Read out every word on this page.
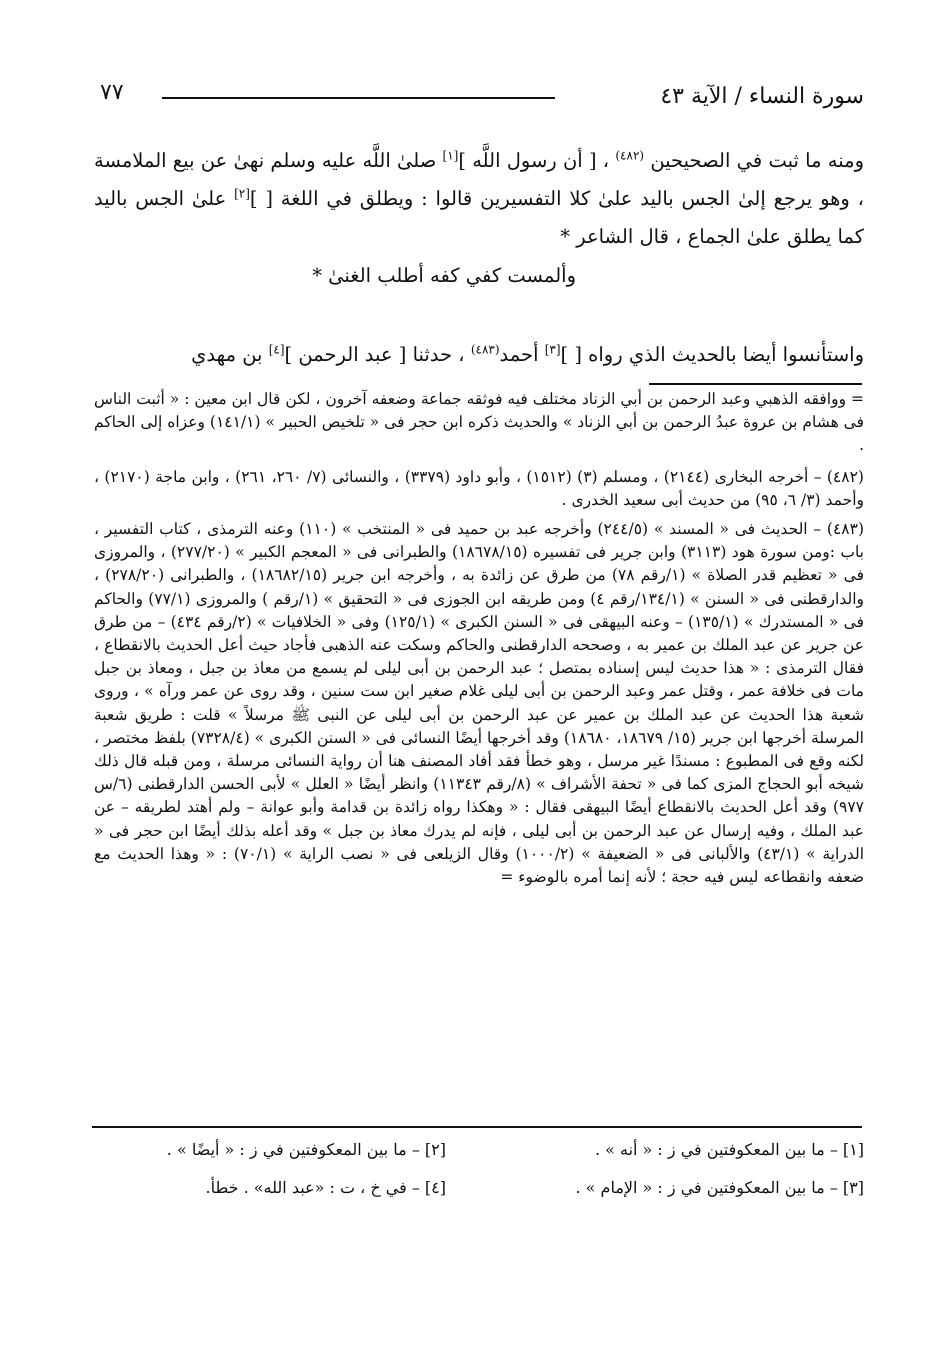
سورة النساء / الآية ٤٣
٧٧

ومنه ما ثبت في الصحيحين $^{(٤٨٢)}$ ، [ أن رسول اللَّه ][١] صلىٰ اللَّه عليه وسلم نهىٰ عن بيع الملامسة ، وهو يرجع إلىٰ الجس باليد علىٰ كلا التفسيرين قالوا : ويطلق في اللغة [ ][٢] علىٰ الجس باليد كما يطلق علىٰ الجماع ، قال الشاعر *

وألمست كفي كفه أطلب الغنىٰ *

واستأنسوا أيضا بالحديث الذي رواه [ ][٣] أحمد$^{(٤٨٣)}$ ، حدثنا [ عبد الرحمن ][٤] بن مهدي

= ووافقه الذهبي وعبد الرحمن بن أبي الزناد مختلف فيه فوثقه جماعة وضعفه آخرون ، لكن قال ابن معين : « أثبت الناس فى هشام بن عروة عبدُ الرحمن بن أبي الزناد » والحديث ذكره ابن حجر فى « تلخيص الحبير » (١٤١/١) وعزاه إلى الحاكم .

(٤٨٢) – أخرجه البخارى (٢١٤٤) ، ومسلم (٣) (١٥١٢) ، وأبو داود (٣٣٧٩) ، والنسائى (٧/ ٢٦٠، ٢٦١) ، وابن ماجة (٢١٧٠) ، وأحمد (٣/ ٦، ٩٥) من حديث أبى سعيد الخدرى .

(٤٨٣) – الحديث فى « المسند » (٢٤٤/٥) وأخرجه عبد بن حميد فى « المنتخب » (١١٠) وعنه الترمذى ، كتاب التفسير ، باب :ومن سورة هود (٣١١٣) وابن جرير فى تفسيره (١٨٦٧٨/١٥) والطبرانى فى « المعجم الكبير » (٢٧٧/٢٠) ، والمروزى فى « تعظيم قدر الصلاة » (١/رقم ٧٨) من طرق عن زائدة به ، وأخرجه ابن جرير (١٨٦٨٢/١٥) ، والطبرانى (٢٧٨/٢٠) ، والدارقطنى فى « السنن » (١٣٤/١/رقم ٤) ومن طريقه ابن الجوزى فى « التحقيق » (١/رقم ) والمروزى (٧٧/١) والحاكم فى « المستدرك » (١٣٥/١) – وعنه البيهقى فى « السنن الكبرى » (١٢٥/١) وفى « الخلافيات » (٢/رقم ٤٣٤) – من طرق عن جرير عن عبد الملك بن عمير به ، وصححه الدارقطنى والحاكم وسكت عنه الذهبى فأجاد حيث أعل الحديث بالانقطاع ، فقال الترمذى : « هذا حديث ليس إسناده بمتصل ؛ عبد الرحمن بن أبى ليلى لم يسمع من معاذ بن جبل ، ومعاذ بن جبل مات فى خلافة عمر ، وقتل عمر وعبد الرحمن بن أبى ليلى غلام صغير ابن ست سنين ، وقد روى عن عمر ورآه » ، وروى شعبة هذا الحديث عن عبد الملك بن عمير عن عبد الرحمن بن أبى ليلى عن النبى ﷺ مرسلاً » قلت : طريق شعبة المرسلة أخرجها ابن جرير (١٥/ ١٨٦٧٩، ١٨٦٨٠) وقد أخرجها أيضًا النسائى فى « السنن الكبرى » (٧٣٢٨/٤) بلفظ مختصر ، لكنه وقع فى المطبوع : مسندًا غير مرسل ، وهو خطأ فقد أفاد المصنف هنا أن رواية النسائى مرسلة ، ومن قبله قال ذلك شيخه أبو الحجاج المزى كما فى « تحفة الأشراف » (٨/رقم ١١٣٤٣) وانظر أيضًا « العلل » لأبى الحسن الدارقطنى (٦/س ٩٧٧) وقد أعل الحديث بالانقطاع أيضًا البيهقى فقال : « وهكذا رواه زائدة بن قدامة وأبو عوانة – ولم أهتد لطريقه – عن عبد الملك ، وفيه إرسال عن عبد الرحمن بن أبى ليلى ، فإنه لم يدرك معاذ بن جبل » وقد أعله بذلك أيضًا ابن حجر فى « الدراية » (٤٣/١) والألبانى فى « الضعيفة » (١٠٠٠/٢) وقال الزيلعى فى « نصب الراية » (٧٠/١) : « وهذا الحديث مع ضعفه وانقطاعه ليس فيه حجة ؛ لأنه إنما أمره بالوضوء =

[١] – ما بين المعكوفتين في ز : « أنه » .
[٢] – ما بين المعكوفتين في ز : « أيضًا » .
[٣] – ما بين المعكوفتين في ز : « الإمام » .
[٤] – في خ ، ت : «عبد الله» . خطأ.
